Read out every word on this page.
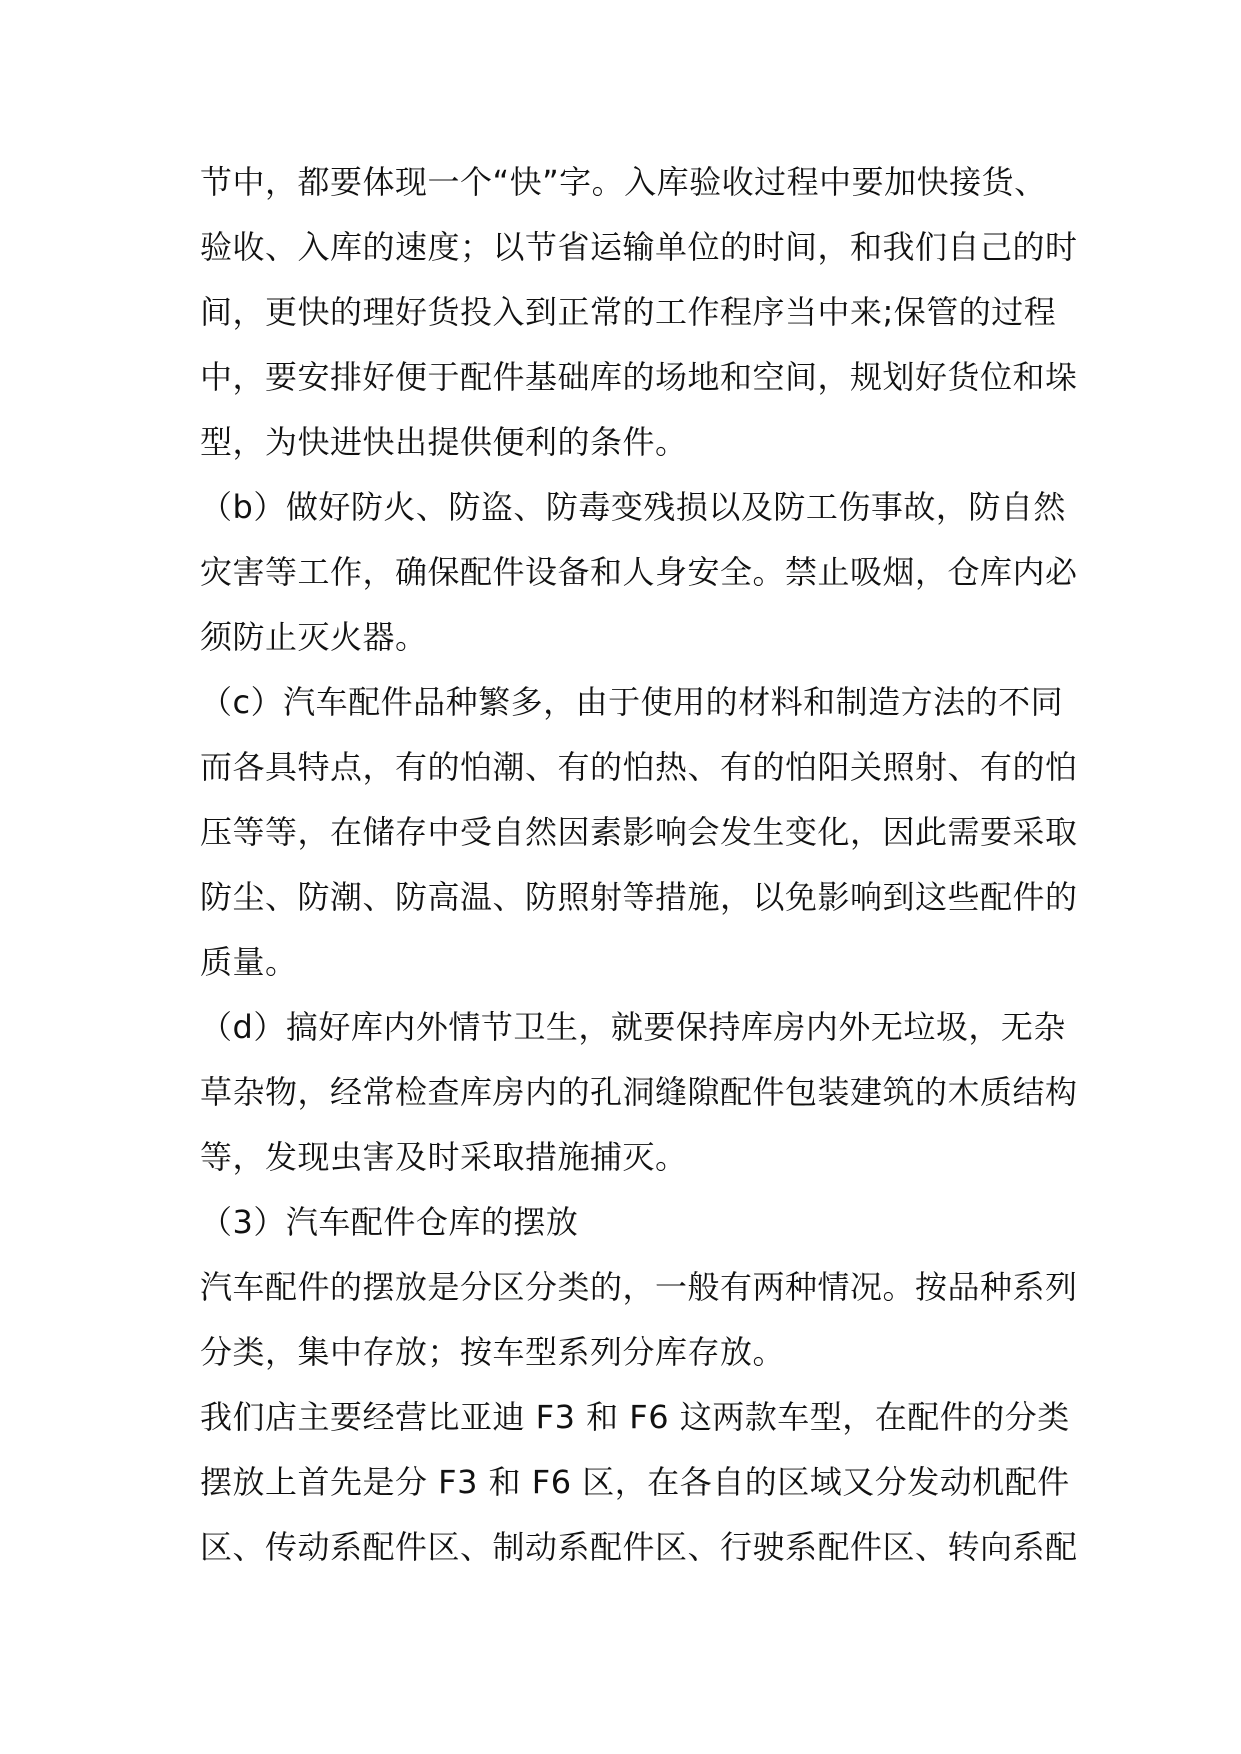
节中，都要体现一个“快”字。入库验收过程中要加快接货、
验收、入库的速度；以节省运输单位的时间，和我们自己的时
间，更快的理好货投入到正常的工作程序当中来;保管的过程
中，要安排好便于配件基础库的场地和空间，规划好货位和垛
型，为快进快出提供便利的条件。
（b）做好防火、防盗、防毒变残损以及防工伤事故，防自然
灾害等工作，确保配件设备和人身安全。禁止吸烟，仓库内必
须防止灭火器。
（c）汽车配件品种繁多，由于使用的材料和制造方法的不同
而各具特点，有的怕潮、有的怕热、有的怕阳关照射、有的怕
压等等，在储存中受自然因素影响会发生变化，因此需要采取
防尘、防潮、防高温、防照射等措施，以免影响到这些配件的
质量。
（d）搞好库内外情节卫生，就要保持库房内外无垃圾，无杂
草杂物，经常检查库房内的孔洞缝隙配件包装建筑的木质结构
等，发现虫害及时采取措施捕灭。
（3）汽车配件仓库的摆放
汽车配件的摆放是分区分类的，一般有两种情况。按品种系列
分类，集中存放；按车型系列分库存放。
我们店主要经营比亚迪 F3 和 F6 这两款车型，在配件的分类
摆放上首先是分 F3 和 F6 区，在各自的区域又分发动机配件
区、传动系配件区、制动系配件区、行驶系配件区、转向系配
